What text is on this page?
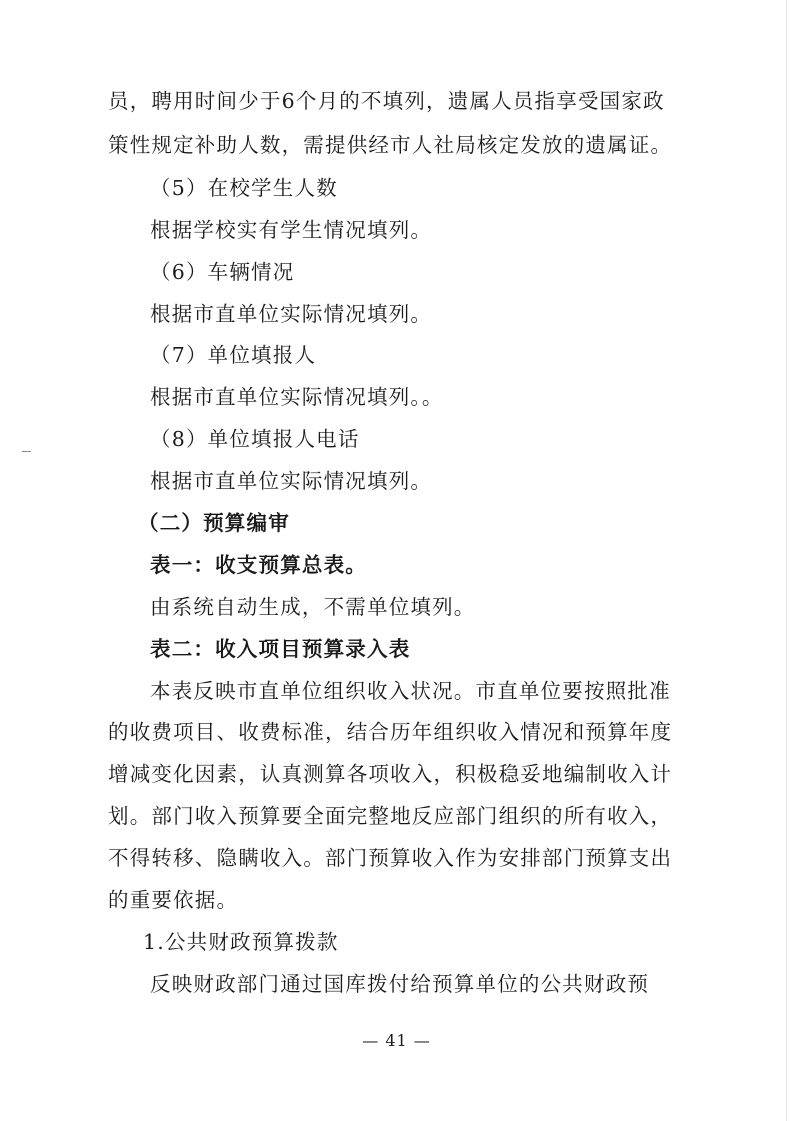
员，聘用时间少于6个月的不填列，遗属人员指享受国家政
策性规定补助人数，需提供经市人社局核定发放的遗属证。
（5）在校学生人数
根据学校实有学生情况填列。
（6）车辆情况
根据市直单位实际情况填列。
（7）单位填报人
根据市直单位实际情况填列。。
（8）单位填报人电话
根据市直单位实际情况填列。
（二）预算编审
表一：收支预算总表。
由系统自动生成，不需单位填列。
表二：收入项目预算录入表
本表反映市直单位组织收入状况。市直单位要按照批准
的收费项目、收费标准，结合历年组织收入情况和预算年度
增减变化因素，认真测算各项收入，积极稳妥地编制收入计
划。部门收入预算要全面完整地反应部门组织的所有收入，
不得转移、隐瞒收入。部门预算收入作为安排部门预算支出
的重要依据。
1.公共财政预算拨款
反映财政部门通过国库拨付给预算单位的公共财政预
— 41 —
